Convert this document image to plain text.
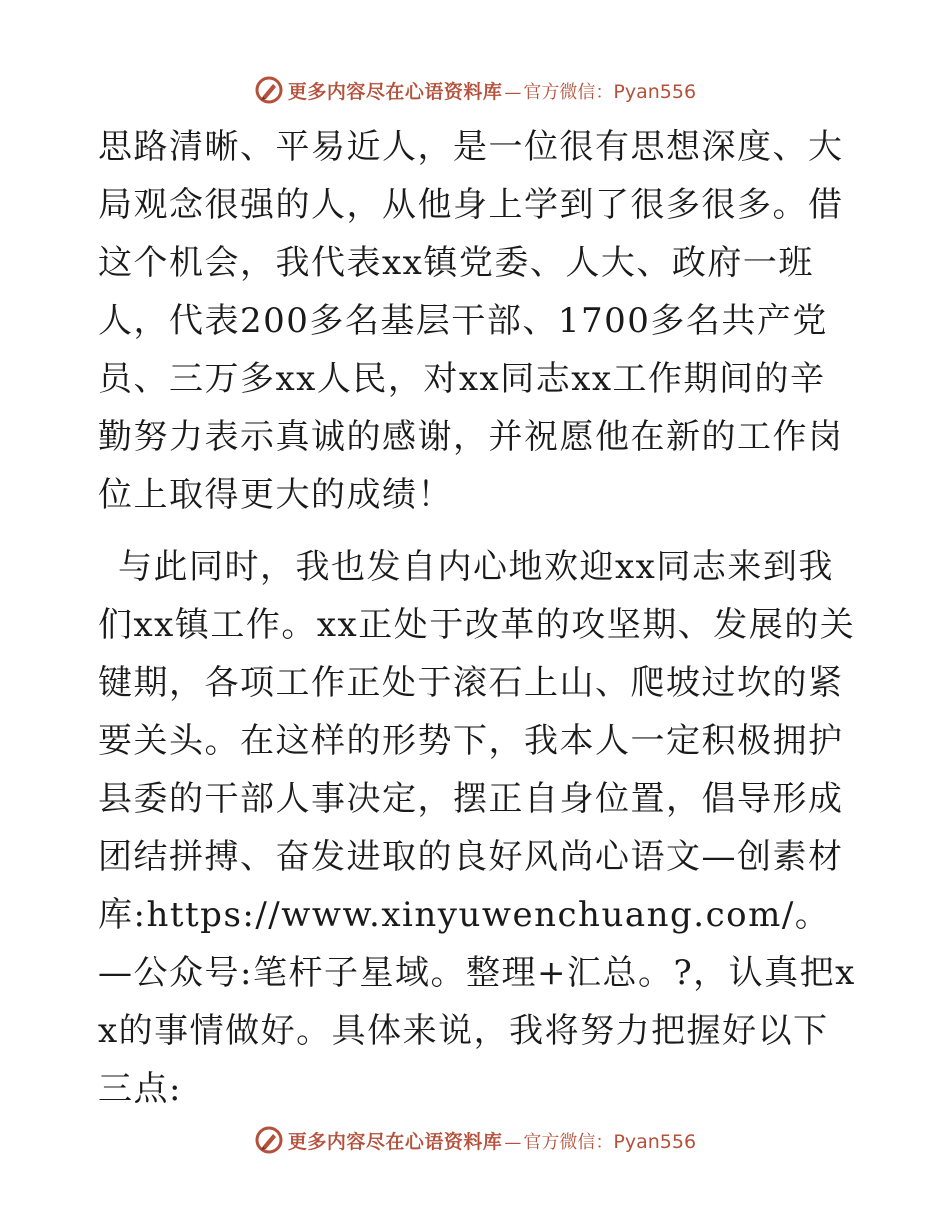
更多内容尽在心语资料库 — 官方微信： Pyan556

思路清晰、平易近人，是一位很有思想深度、大局观念很强的人，从他身上学到了很多很多。借这个机会，我代表xx镇党委、人大、政府一班人，代表200多名基层干部、1700多名共产党员、三万多xx人民，对xx同志xx工作期间的辛勤努力表示真诚的感谢，并祝愿他在新的工作岗位上取得更大的成绩！

与此同时，我也发自内心地欢迎xx同志来到我们xx镇工作。xx正处于改革的攻坚期、发展的关键期，各项工作正处于滚石上山、爬坡过坎的紧要关头。在这样的形势下，我本人一定积极拥护县委的干部人事决定，摆正自身位置，倡导形成团结拼搏、奋发进取的良好风尚心语文—创素材库:https://www.xinyuwenchuang.com/。—公众号:笔杆子星域。整理+汇总。?，认真把xx的事情做好。具体来说，我将努力把握好以下三点:

更多内容尽在心语资料库 — 官方微信： Pyan556
